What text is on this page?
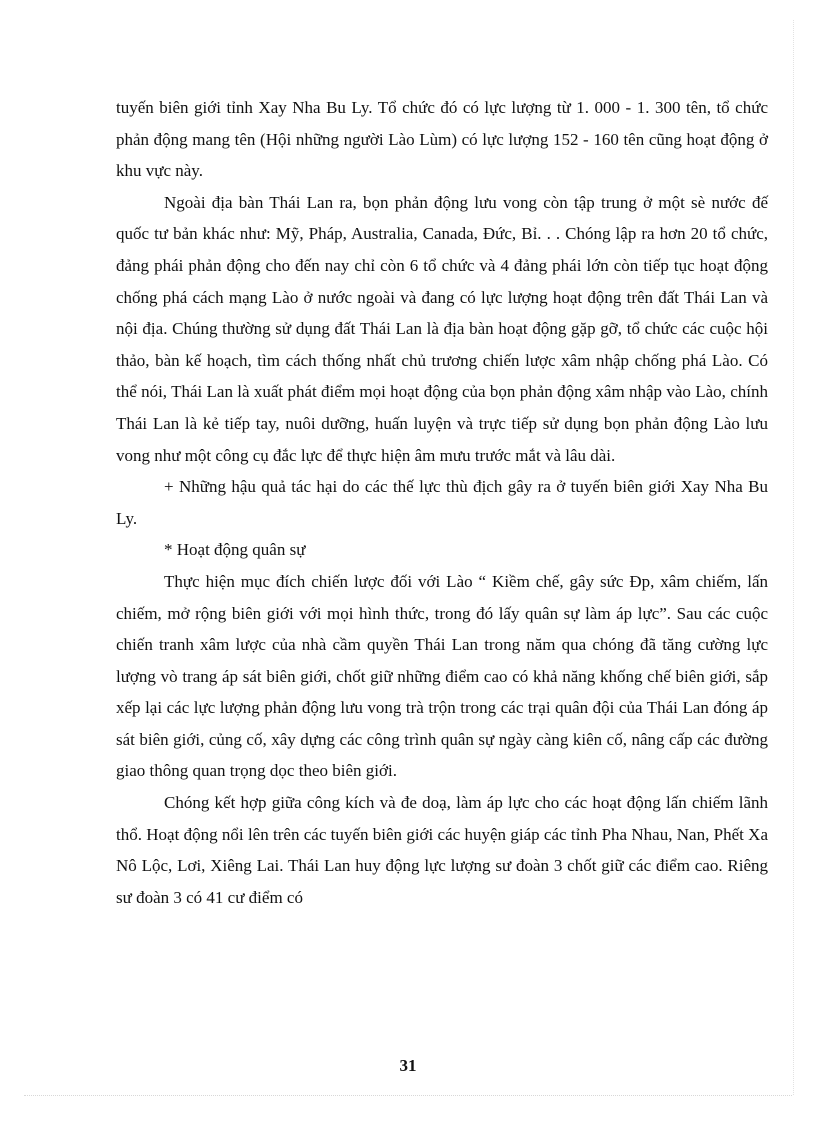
tuyến biên giới tỉnh Xay Nha Bu Ly. Tổ chức đó có lực lượng từ 1. 000 - 1. 300 tên, tổ chức phản động mang tên (Hội những người Lào Lùm) có lực lượng 152 - 160 tên cũng hoạt động ở khu vực này.

Ngoài địa bàn Thái Lan ra, bọn phản động lưu vong còn tập trung ở một sè nước đế quốc tư bản khác như: Mỹ, Pháp, Australia, Canada, Đức, Bỉ. . . Chóng lập ra hơn 20 tổ chức, đảng phái phản động cho đến nay chỉ còn 6 tổ chức và 4 đảng phái lớn còn tiếp tục hoạt động chống phá cách mạng Lào ở nước ngoài và đang có lực lượng hoạt động trên đất Thái Lan và nội địa. Chúng thường sử dụng đất Thái Lan là địa bàn hoạt động gặp gỡ, tổ chức các cuộc hội thảo, bàn kế hoạch, tìm cách thống nhất chủ trương chiến lược xâm nhập chống phá Lào. Có thể nói, Thái Lan là xuất phát điểm mọi hoạt động của bọn phản động xâm nhập vào Lào, chính Thái Lan là kẻ tiếp tay, nuôi dưỡng, huấn luyện và trực tiếp sử dụng bọn phản động Lào lưu vong như một công cụ đắc lực để thực hiện âm mưu trước mắt và lâu dài.

+ Những hậu quả tác hại do các thế lực thù địch gây ra ở tuyến biên giới Xay Nha Bu Ly.

* Hoạt động quân sự

Thực hiện mục đích chiến lược đối với Lào “ Kiềm chế, gây sức Ðp, xâm chiếm, lấn chiếm, mở rộng biên giới với mọi hình thức, trong đó lấy quân sự làm áp lực”. Sau các cuộc chiến tranh xâm lược của nhà cầm quyền Thái Lan trong năm qua chóng đã tăng cường lực lượng vò trang áp sát biên giới, chốt giữ những điểm cao có khả năng khống chế biên giới, sắp xếp lại các lực lượng phản động lưu vong trà trộn trong các trại quân đội của Thái Lan đóng áp sát biên giới, củng cố, xây dựng các công trình quân sự ngày càng kiên cố, nâng cấp các đường giao thông quan trọng dọc theo biên giới.

Chóng kết hợp giữa công kích và đe doạ, làm áp lực cho các hoạt động lấn chiếm lãnh thổ. Hoạt động nổi lên trên các tuyến biên giới các huyện giáp các tỉnh Pha Nhau, Nan, Phết Xa Nô Lộc, Lơi, Xiêng Lai. Thái Lan huy động lực lượng sư đoàn 3 chốt giữ các điểm cao. Riêng sư đoàn 3 có 41 cư điểm có

31
